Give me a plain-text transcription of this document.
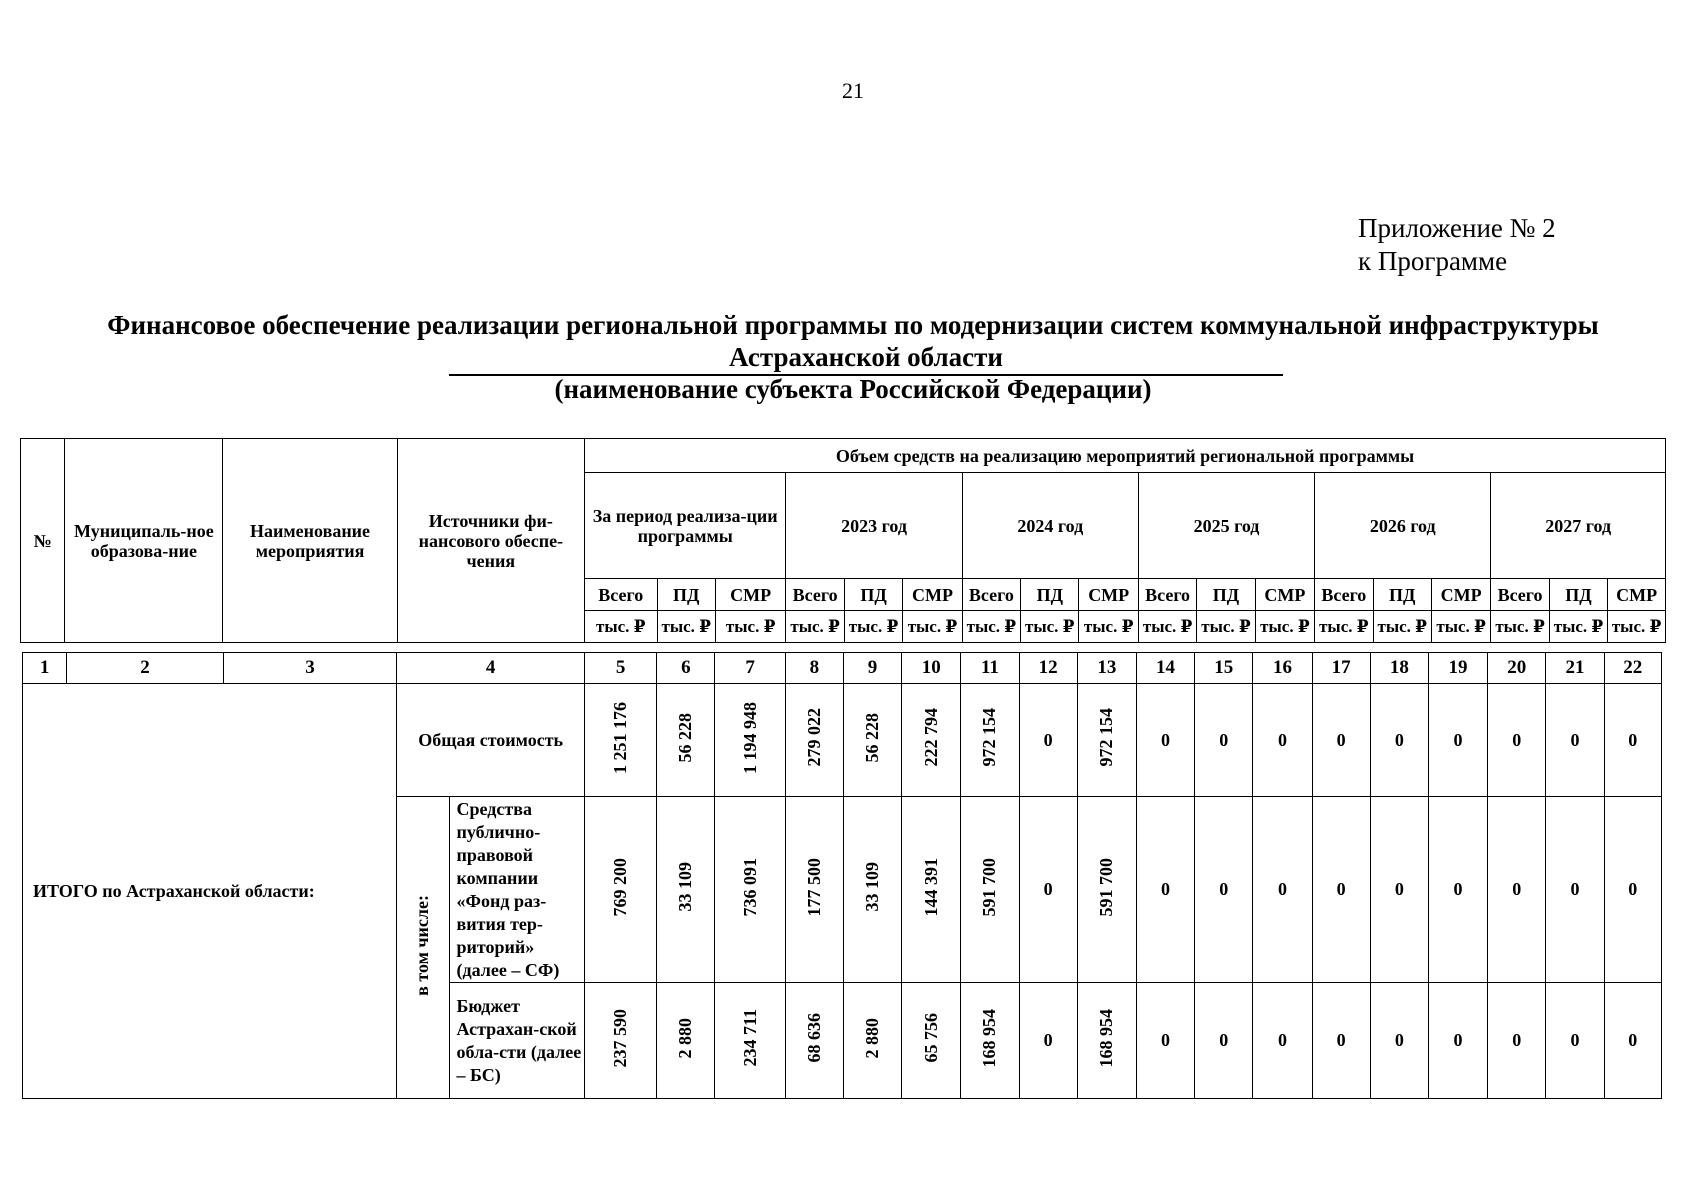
21
Приложение № 2
к Программе
Финансовое обеспечение реализации региональной программы по модернизации систем коммунальной инфраструктуры
Астраханской области
(наименование субъекта Российской Федерации)
№	Муниципаль-ное образова-ние	Наименование мероприятия	Источники фи-нансового обеспе-чения	Объем средств на реализацию мероприятий региональной программы																	
				За период реализа-ции программы			2023 год			2024 год			2025 год			2026 год			2027 год		
				Всего	ПД	СМР	Всего	ПД	СМР	Всего	ПД	СМР	Всего	ПД	СМР	Всего	ПД	СМР	Всего	ПД	СМР
				тыс. ₽	тыс. ₽	тыс. ₽	тыс. ₽	тыс. ₽	тыс. ₽	тыс. ₽	тыс. ₽	тыс. ₽	тыс. ₽	тыс. ₽	тыс. ₽	тыс. ₽	тыс. ₽	тыс. ₽	тыс. ₽	тыс. ₽	тыс. ₽
1	2	3	4		5	6	7	8	9	10	11	12	13	14	15	16	17	18	19	20	21	22
ИТОГО по Астраханской области:			Общая стоимость		1 251 176	56 228	1 194 948	279 022	56 228	222 794	972 154	0	972 154	0	0	0	0	0	0	0	0	0
			в том числе:	Средства публично-правовой компании «Фонд раз-вития тер-риторий» (далее – СФ)	769 200	33 109	736 091	177 500	33 109	144 391	591 700	0	591 700	0	0	0	0	0	0	0	0	0
				Бюджет Астрахан-ской обла-сти (далее – БС)	237 590	2 880	234 711	68 636	2 880	65 756	168 954	0	168 954	0	0	0	0	0	0	0	0	0
